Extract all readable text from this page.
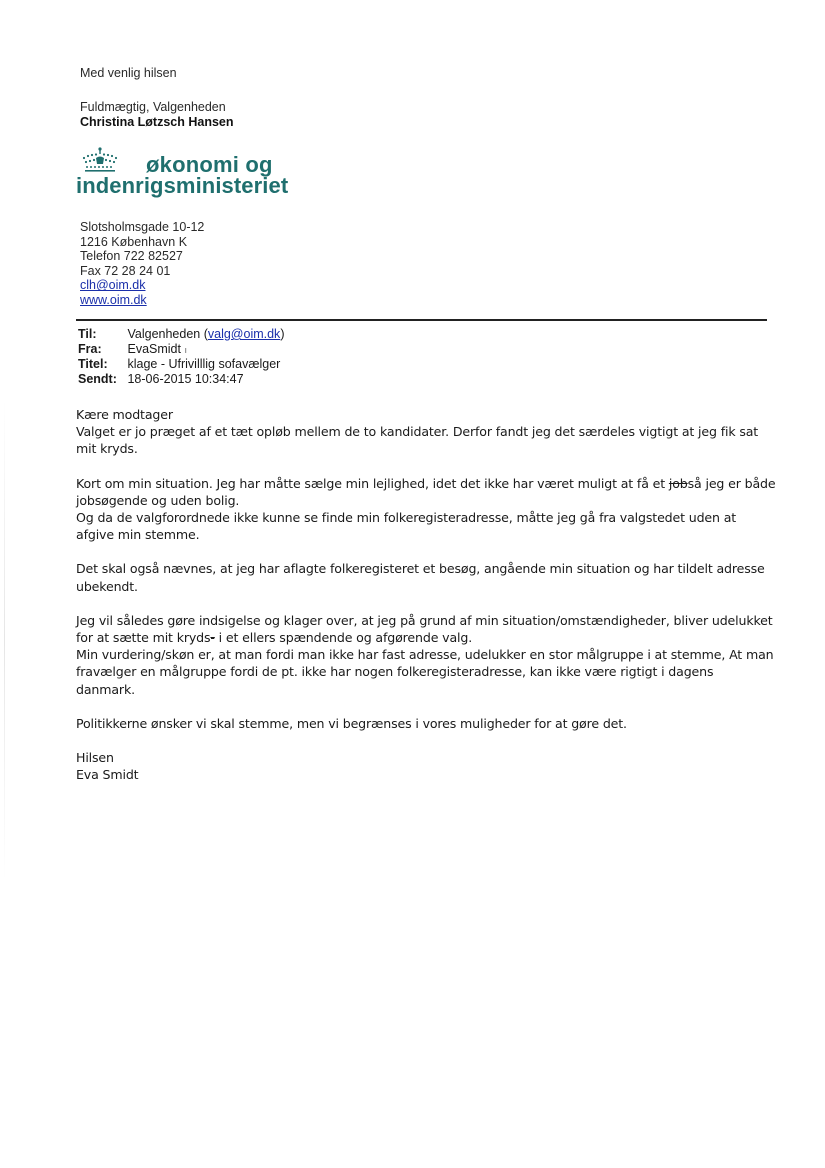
Med venlig hilsen
Fuldmægtig, Valgenheden
Christina Løtzsch Hansen
økonomi og
indenrigsministeriet
Slotsholmsgade 10-12
1216 København K
Telefon 722 82527
Fax 72 28 24 01
clh@oim.dk
www.oim.dk
Til: Valgenheden (valg@oim.dk)
Fra: EvaSmidt ı
Titel: klage - Ufrivilllig sofavælger
Sendt: 18-06-2015 10:34:47

Kære modtager

Valget er jo præget af et tæt opløb mellem de to kandidater. Derfor fandt jeg det særdeles vigtigt at jeg fik sat mit kryds.

Kort om min situation. Jeg har måtte sælge min lejlighed, idet det ikke har været muligt at få et jobså jeg er både jobsøgende og uden bolig.

Og da de valgforordnede ikke kunne se finde min folkeregisteradresse, måtte jeg gå fra valgstedet uden at afgive min stemme.

Det skal også nævnes, at jeg har aflagte folkeregisteret et besøg, angående min situation og har tildelt adresse ubekendt.

Jeg vil således gøre indsigelse og klager over, at jeg på grund af min situation/omstændigheder, bliver udelukket for at sætte mit kryds- i et ellers spændende og afgørende valg.

Min vurdering/skøn er, at man fordi man ikke har fast adresse, udelukker en stor målgruppe i at stemme, At man fravælger en målgruppe fordi de pt. ikke har nogen folkeregisteradresse, kan ikke være rigtigt i dagens danmark.

Politikkerne ønsker vi skal stemme, men vi begrænses i vores muligheder for at gøre det.

Hilsen

Eva Smidt
